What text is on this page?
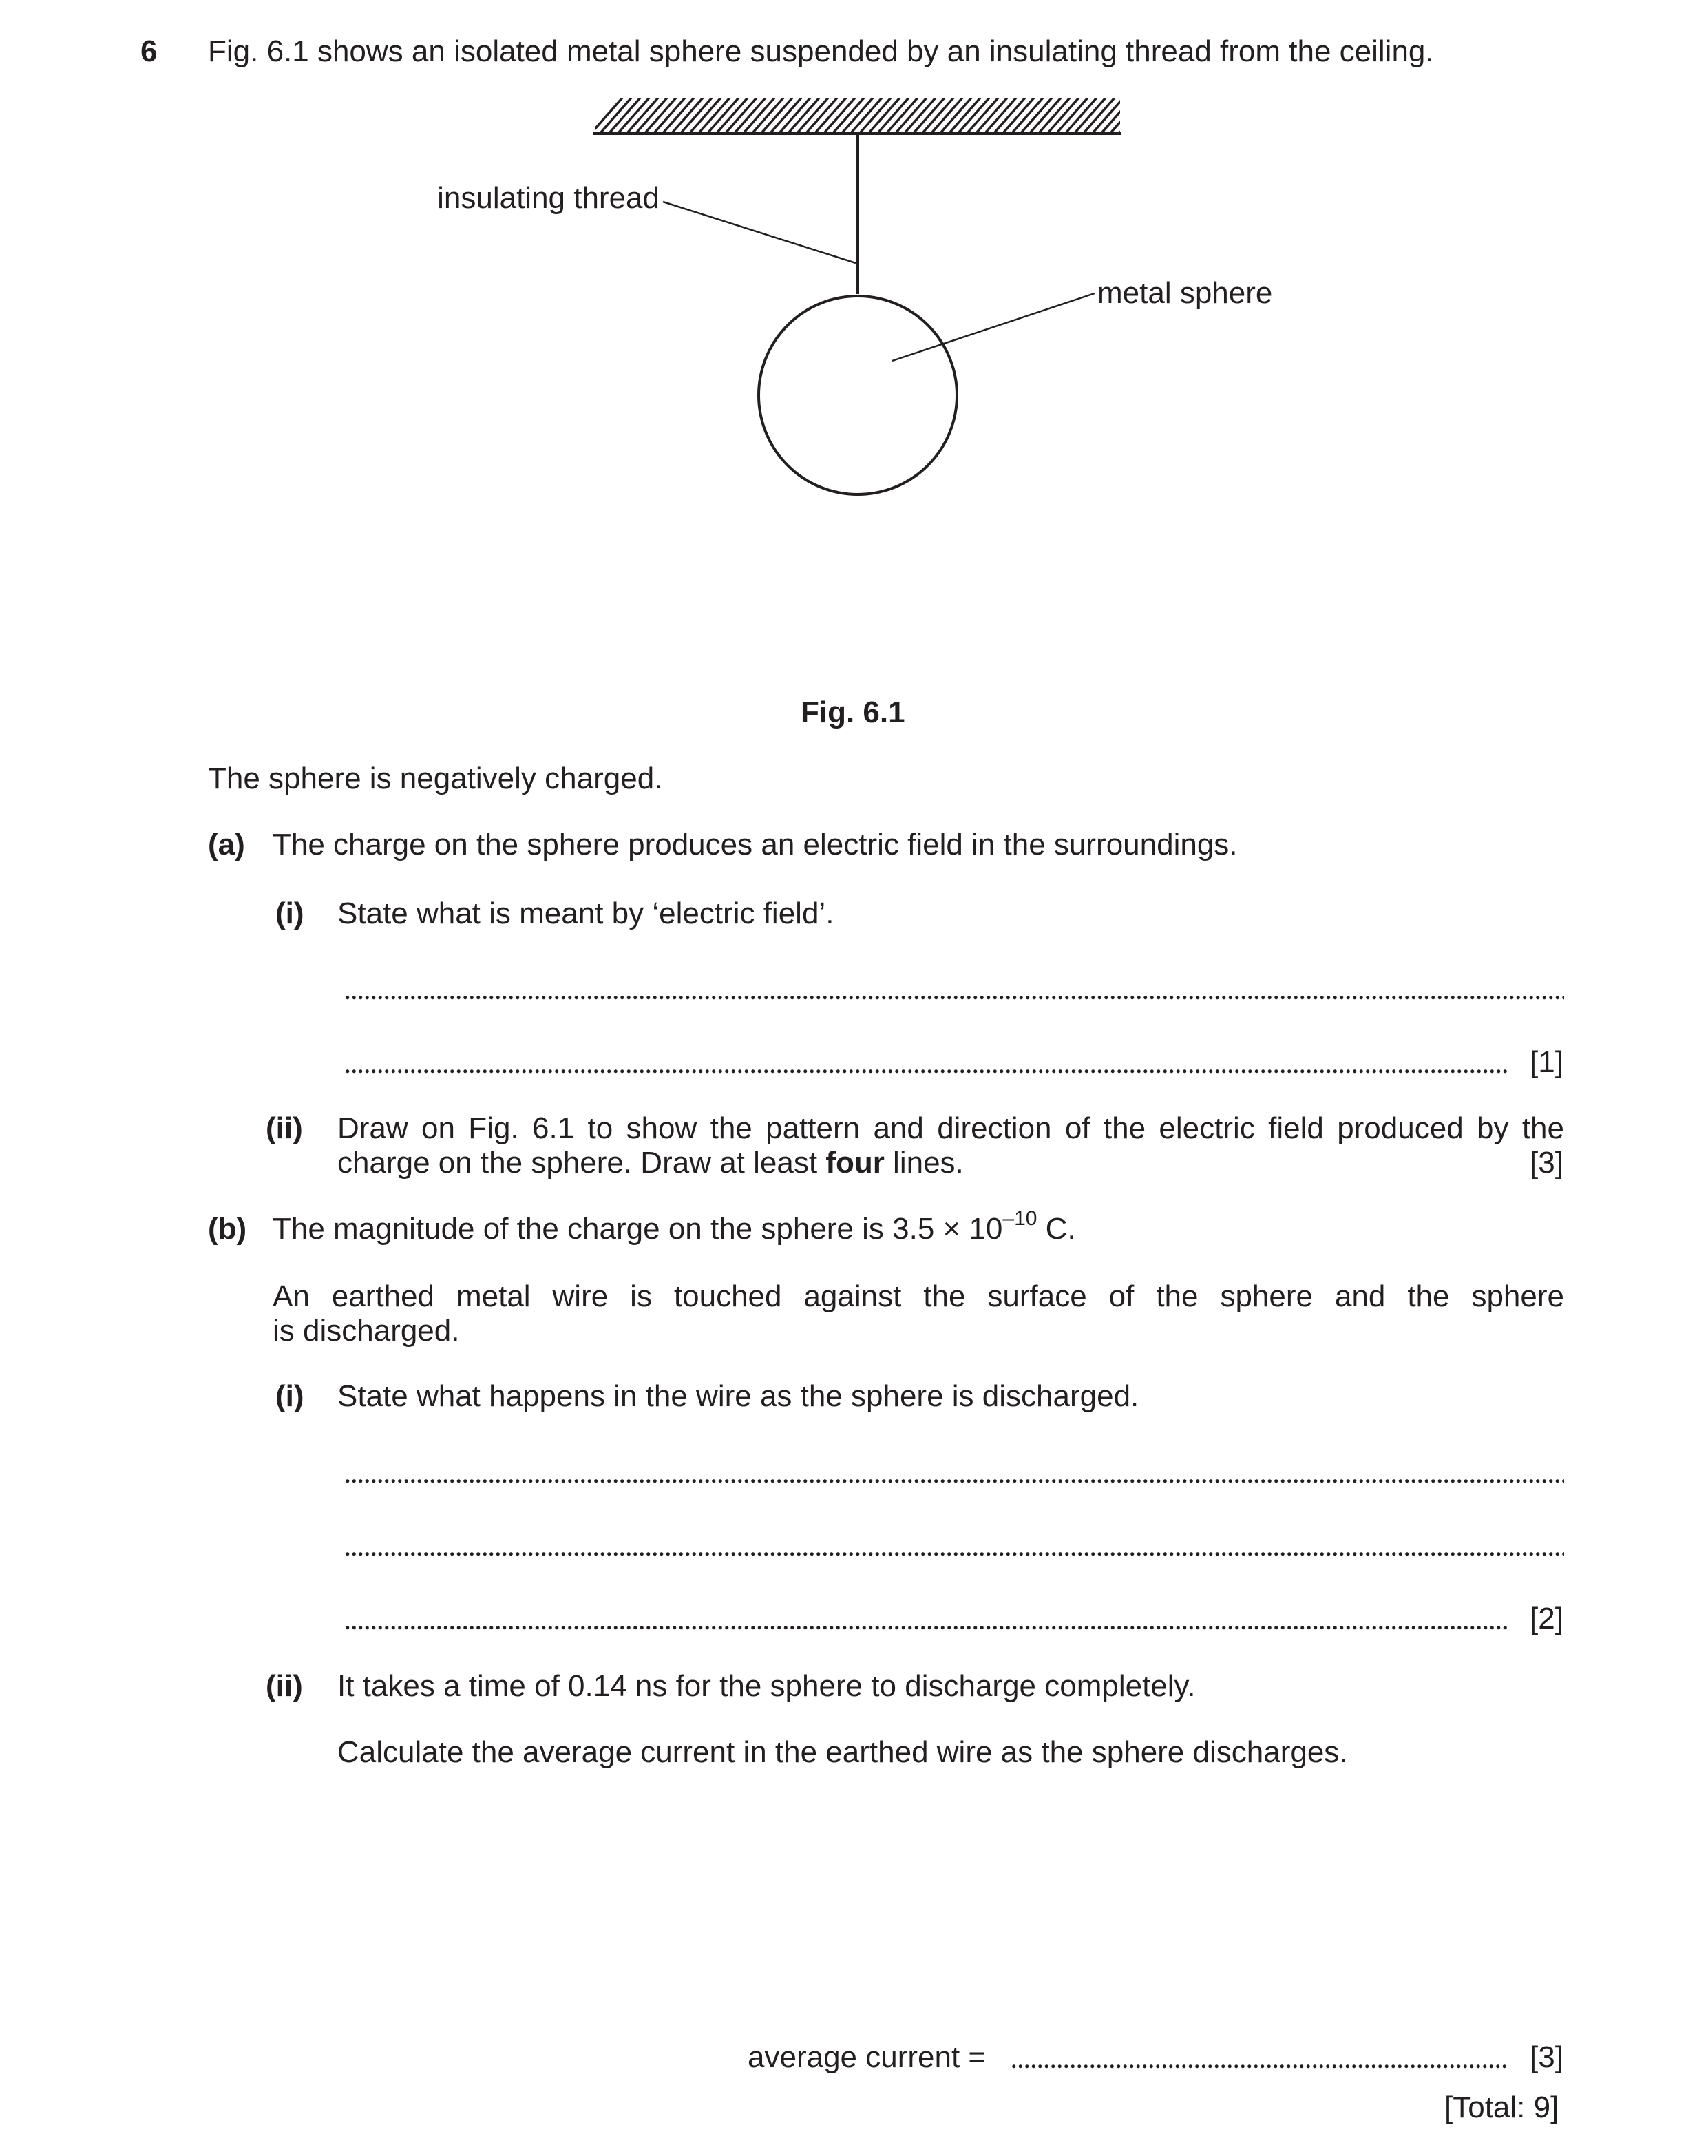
6 Fig. 6.1 shows an isolated metal sphere suspended by an insulating thread from the ceiling.
insulating thread
metal sphere
Fig. 6.1
The sphere is negatively charged.
(a) The charge on the sphere produces an electric field in the surroundings.
(i) State what is meant by ‘electric field’.
[1]
(ii) Draw on Fig. 6.1 to show the pattern and direction of the electric field produced by the
charge on the sphere. Draw at least four lines.	[3]
(b) The magnitude of the charge on the sphere is $3.5 \times 10^{-10}$ C.
An earthed metal wire is touched against the surface of the sphere and the sphere
is discharged.
(i) State what happens in the wire as the sphere is discharged.
[2]
(ii) It takes a time of 0.14 ns for the sphere to discharge completely.
Calculate the average current in the earthed wire as the sphere discharges.
average current =	[3]
[Total: 9]
